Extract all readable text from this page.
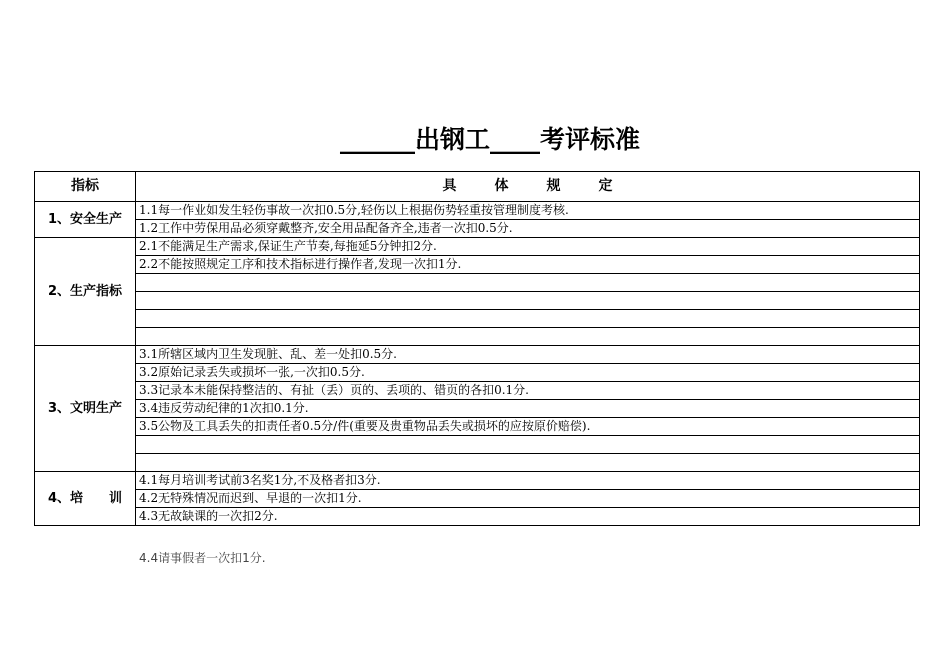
______出钢工____考评标准
指标	具体规定
1、安全生产	1.1每一作业如发生轻伤事故一次扣0.5分,轻伤以上根据伤势轻重按管理制度考核.
	1.2工作中劳保用品必须穿戴整齐,安全用品配备齐全,违者一次扣0.5分.
2、生产指标	2.1不能满足生产需求,保证生产节奏,每拖延5分钟扣2分.
	2.2不能按照规定工序和技术指标进行操作者,发现一次扣1分.

3、文明生产	3.1所辖区域内卫生发现脏、乱、差一处扣0.5分.
	3.2原始记录丢失或损坏一张,一次扣0.5分.
	3.3记录本未能保持整洁的、有扯（丢）页的、丢项的、错页的各扣0.1分.
	3.4违反劳动纪律的1次扣0.1分.
	3.5公物及工具丢失的扣责任者0.5分/件(重要及贵重物品丢失或损坏的应按原价赔偿).

4、培　　训	4.1每月培训考试前3名奖1分,不及格者扣3分.
	4.2无特殊情况而迟到、早退的一次扣1分.
	4.3无故缺课的一次扣2分.
4.4请事假者一次扣1分.
